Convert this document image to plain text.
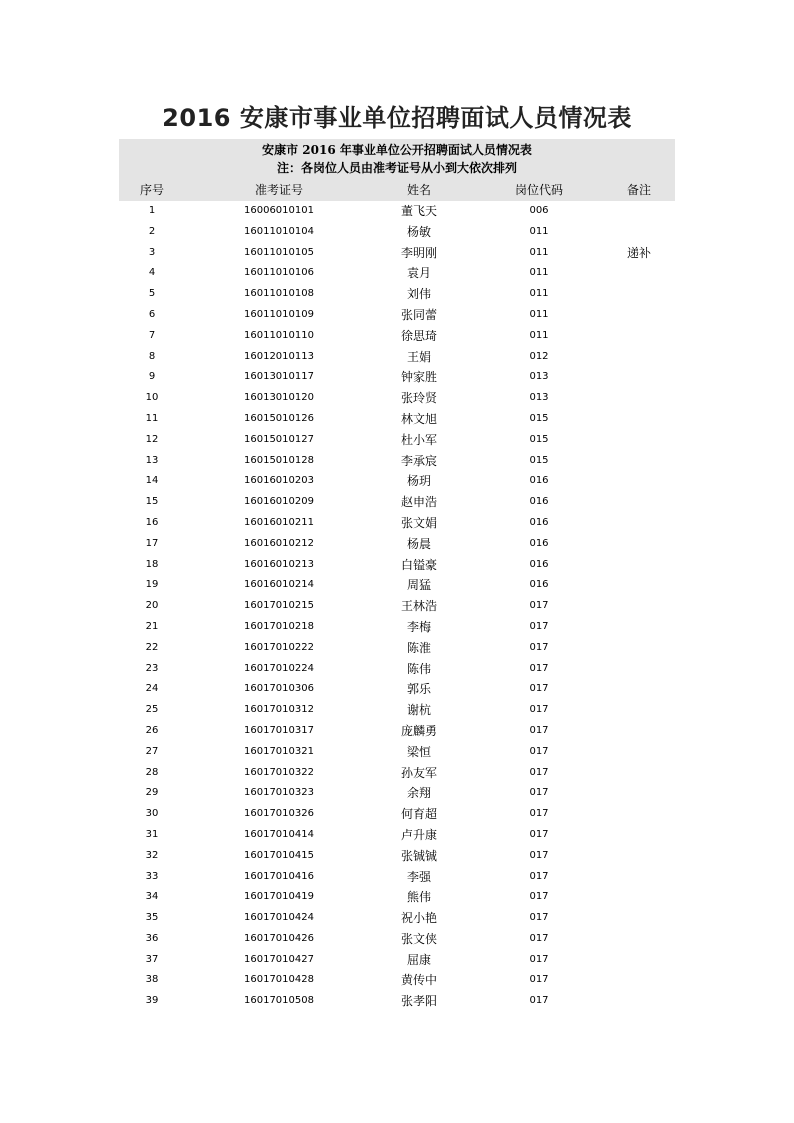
2016 安康市事业单位招聘面试人员情况表
安康市 2016 年事业单位公开招聘面试人员情况表
注：各岗位人员由准考证号从小到大依次排列
序号	准考证号	姓名	岗位代码	备注
1	16006010101	董飞天	006
2	16011010104	杨敏	011
3	16011010105	李明刚	011	递补
4	16011010106	袁月	011
5	16011010108	刘伟	011
6	16011010109	张同蕾	011
7	16011010110	徐思琦	011
8	16012010113	王娟	012
9	16013010117	钟家胜	013
10	16013010120	张玲贤	013
11	16015010126	林文旭	015
12	16015010127	杜小军	015
13	16015010128	李承宸	015
14	16016010203	杨玥	016
15	16016010209	赵申浩	016
16	16016010211	张文娟	016
17	16016010212	杨晨	016
18	16016010213	白镒豪	016
19	16016010214	周猛	016
20	16017010215	王林浩	017
21	16017010218	李梅	017
22	16017010222	陈淮	017
23	16017010224	陈伟	017
24	16017010306	郭乐	017
25	16017010312	谢杭	017
26	16017010317	庞麟勇	017
27	16017010321	梁恒	017
28	16017010322	孙友军	017
29	16017010323	余翔	017
30	16017010326	何育超	017
31	16017010414	卢升康	017
32	16017010415	张铖铖	017
33	16017010416	李强	017
34	16017010419	熊伟	017
35	16017010424	祝小艳	017
36	16017010426	张文侠	017
37	16017010427	屈康	017
38	16017010428	黄传中	017
39	16017010508	张孝阳	017
